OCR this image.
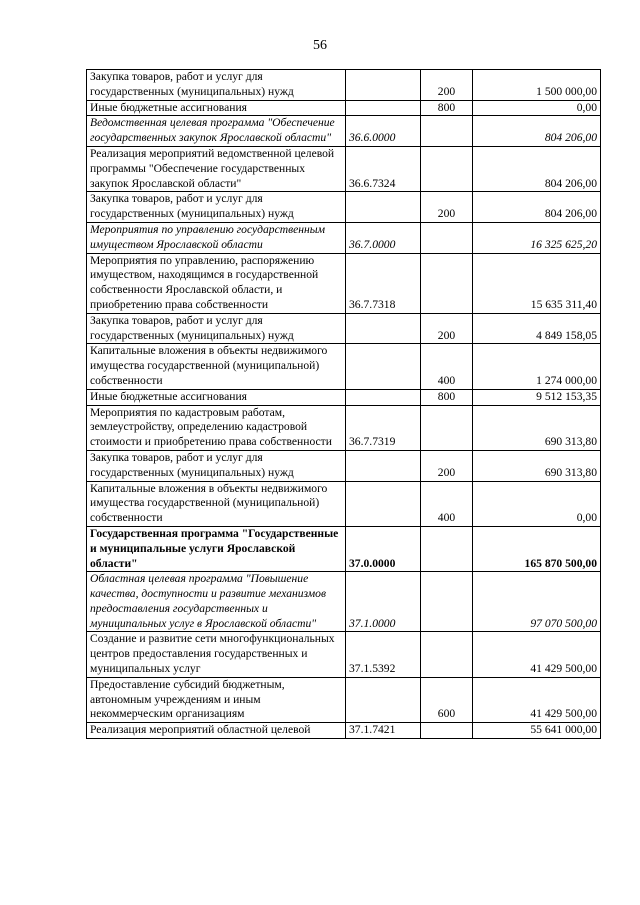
56
Закупка товаров, работ и услуг для государственных (муниципальных) нужд		200	1 500 000,00
Иные бюджетные ассигнования		800	0,00
Ведомственная целевая программа "Обеспечение государственных закупок Ярославской области"	36.6.0000		804 206,00
Реализация мероприятий ведомственной целевой программы "Обеспечение государственных закупок Ярославской области"	36.6.7324		804 206,00
Закупка товаров, работ и услуг для государственных (муниципальных) нужд		200	804 206,00
Мероприятия по управлению государственным имуществом Ярославской области	36.7.0000		16 325 625,20
Мероприятия по управлению, распоряжению имуществом, находящимся в государственной собственности Ярославской области, и приобретению права собственности	36.7.7318		15 635 311,40
Закупка товаров, работ и услуг для государственных (муниципальных) нужд		200	4 849 158,05
Капитальные вложения в объекты недвижимого имущества государственной (муниципальной) собственности		400	1 274 000,00
Иные бюджетные ассигнования		800	9 512 153,35
Мероприятия по кадастровым работам, землеустройству, определению кадастровой стоимости и приобретению права собственности	36.7.7319		690 313,80
Закупка товаров, работ и услуг для государственных (муниципальных) нужд		200	690 313,80
Капитальные вложения в объекты недвижимого имущества государственной (муниципальной) собственности		400	0,00
Государственная программа "Государственные и муниципальные услуги Ярославской области"	37.0.0000		165 870 500,00
Областная целевая программа "Повышение качества, доступности и развитие механизмов предоставления государственных и муниципальных услуг в Ярославской области"	37.1.0000		97 070 500,00
Создание и развитие сети многофункциональных центров предоставления государственных и муниципальных услуг	37.1.5392		41 429 500,00
Предоставление субсидий бюджетным, автономным учреждениям и иным некоммерческим организациям		600	41 429 500,00
Реализация мероприятий областной целевой	37.1.7421		55 641 000,00
